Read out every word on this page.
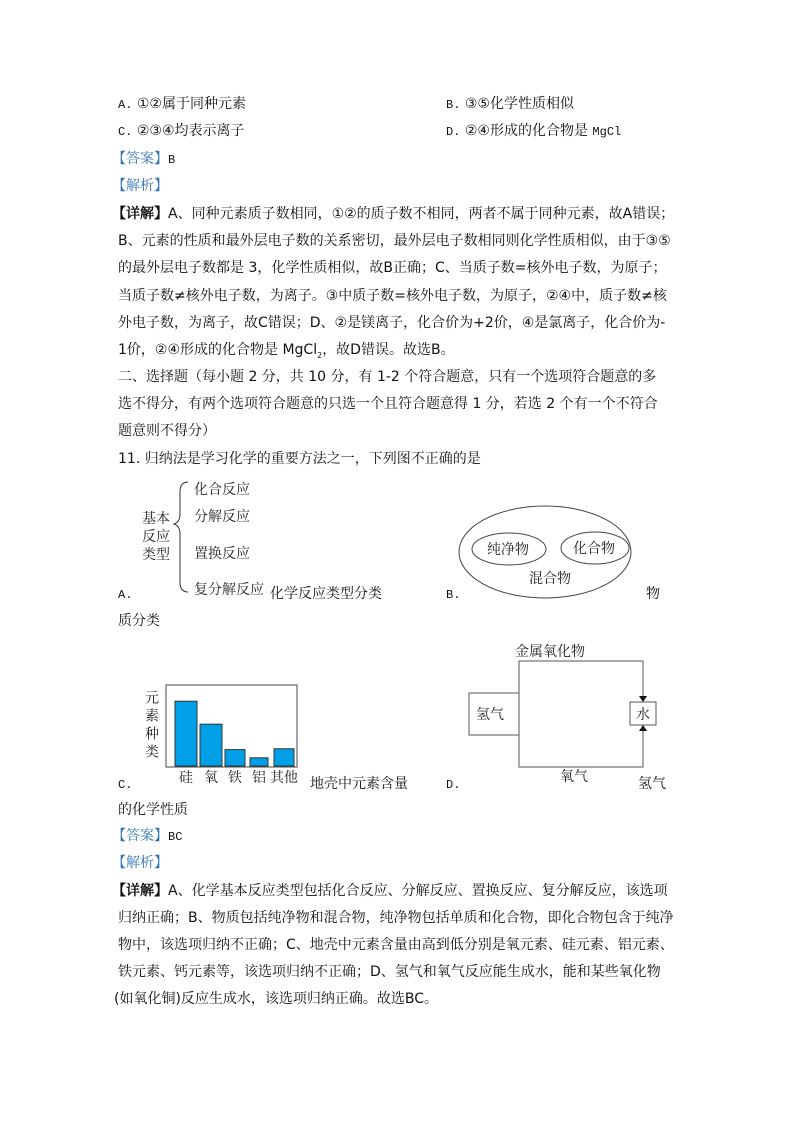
A. ①②属于同种元素	B. ③⑤化学性质相似
C. ②③④均表示离子	D. ②④形成的化合物是 MgCl
【答案】B
【解析】
【详解】A、同种元素质子数相同，①②的质子数不相同，两者不属于同种元素，故A错误；
B、元素的性质和最外层电子数的关系密切，最外层电子数相同则化学性质相似，由于③⑤
的最外层电子数都是 3，化学性质相似，故B正确；C、当质子数=核外电子数，为原子；
当质子数≠核外电子数，为离子。③中质子数=核外电子数，为原子，②④中，质子数≠核
外电子数，为离子，故C错误；D、②是镁离子，化合价为+2价，④是氯离子，化合价为-
1价，②④形成的化合物是 MgCl$_2$，故D错误。故选B。
二、选择题（每小题 2 分，共 10 分，有 1-2 个符合题意，只有一个选项符合题意的多
选不得分，有两个选项符合题意的只选一个且符合题意得 1 分，若选 2 个有一个不符合
题意则不得分）
11. 归纳法是学习化学的重要方法之一，下列图不正确的是
基本
反应
类型
化合反应
分解反应
置换反应
复分解反应
A.	化学反应类型分类	B.
纯净物	化合物
混合物
物
质分类
硅 氧 铁 铝 其他
元素种类
C.	地壳中元素含量
金属氧化物
氢气	水
氧气
D.	氢气
的化学性质
【答案】BC
【解析】
【详解】A、化学基本反应类型包括化合反应、分解反应、置换反应、复分解反应，该选项
归纳正确；B、物质包括纯净物和混合物，纯净物包括单质和化合物，即化合物包含于纯净
物中，该选项归纳不正确；C、地壳中元素含量由高到低分别是氧元素、硅元素、铝元素、
铁元素、钙元素等，该选项归纳不正确；D、氢气和氧气反应能生成水，能和某些氧化物
(如氧化铜)反应生成水，该选项归纳正确。故选BC。
